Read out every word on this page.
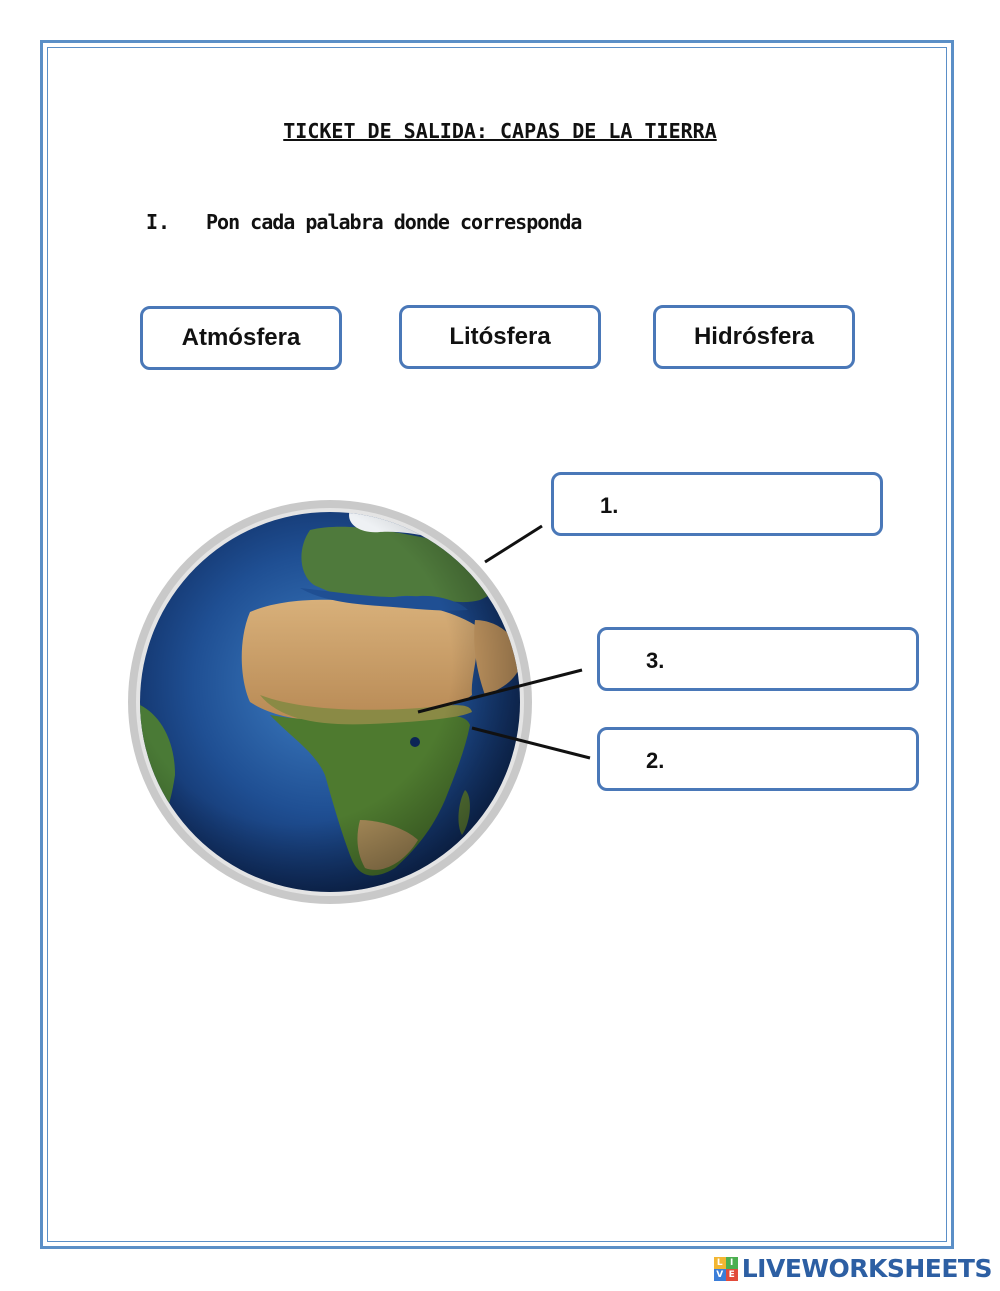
TICKET DE SALIDA: CAPAS DE LA TIERRA
I. Pon cada palabra donde corresponda
Atmósfera	Litósfera	Hidrósfera
1.
3.
2.
L I
V E LIVEWORKSHEETS
